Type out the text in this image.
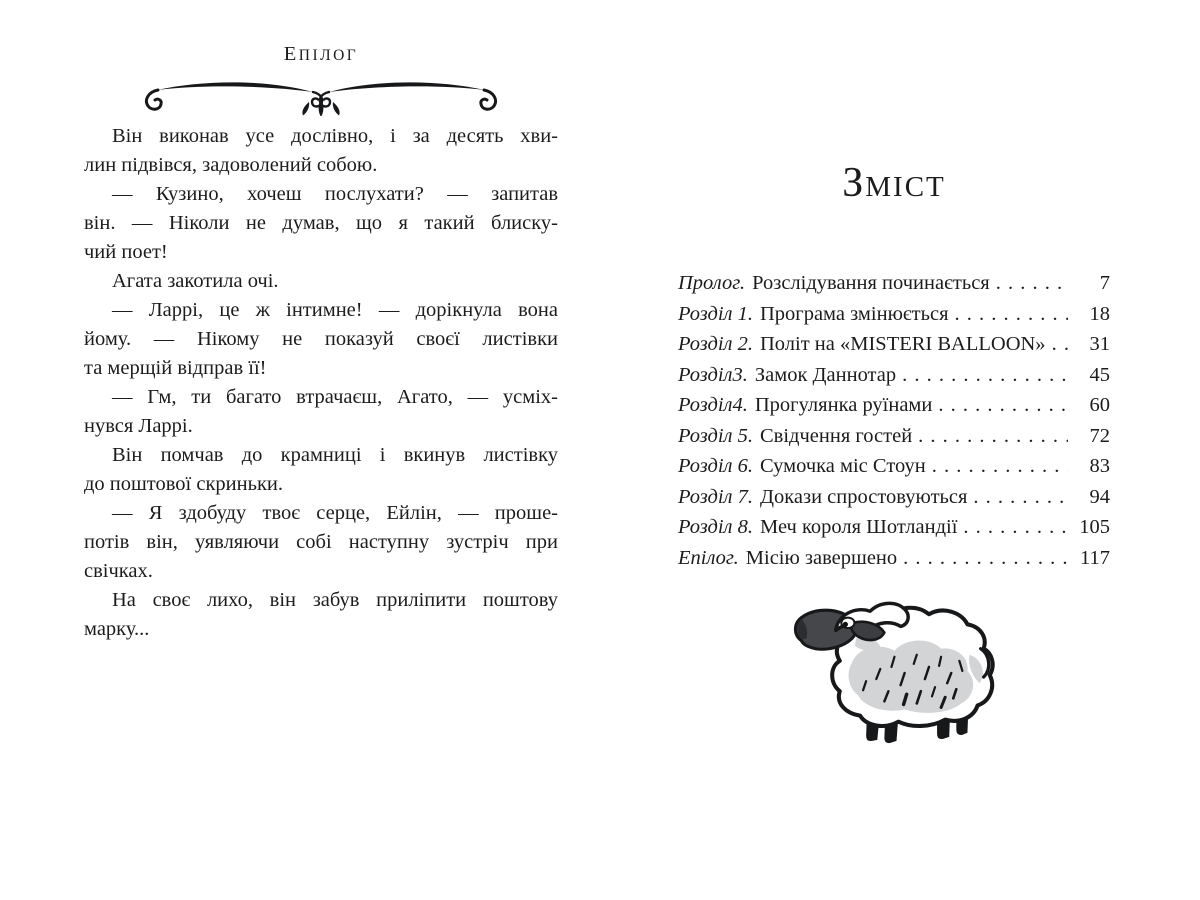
ЕПІЛОГ
Він виконав усе дослівно, і за десять хви-
лин підвівся, задоволений собою.
— Кузино, хочеш послухати? — запитав
він. — Ніколи не думав, що я такий блиску-
чий поет!
Агата закотила очі.
— Ларрі, це ж інтимне! — дорікнула вона
йому. — Нікому не показуй своєї листівки
та мерщій відправ її!
— Гм, ти багато втрачаєш, Агато, — усміх-
нувся Ларрі.
Він помчав до крамниці і вкинув листівку
до поштової скриньки.
— Я здобуду твоє серце, Ейлін, — проше-
потів він, уявляючи собі наступну зустріч при
свічках.
На своє лихо, він забув приліпити поштову
марку...
ЗМІСТ
Пролог. Розслідування починається . . .	7
Розділ 1. Програма змінюється . . .	18
Розділ 2. Політ на «MISTERI BALLOON» . . .	31
Розділ3. Замок Даннотар . . .	45
Розділ4. Прогулянка руїнами . . .	60
Розділ 5. Свідчення гостей . . .	72
Розділ 6. Сумочка міс Стоун . . .	83
Розділ 7. Докази спростовуються . . .	94
Розділ 8. Меч короля Шотландії . . .	105
Епілог. Місію завершено . . .	117
